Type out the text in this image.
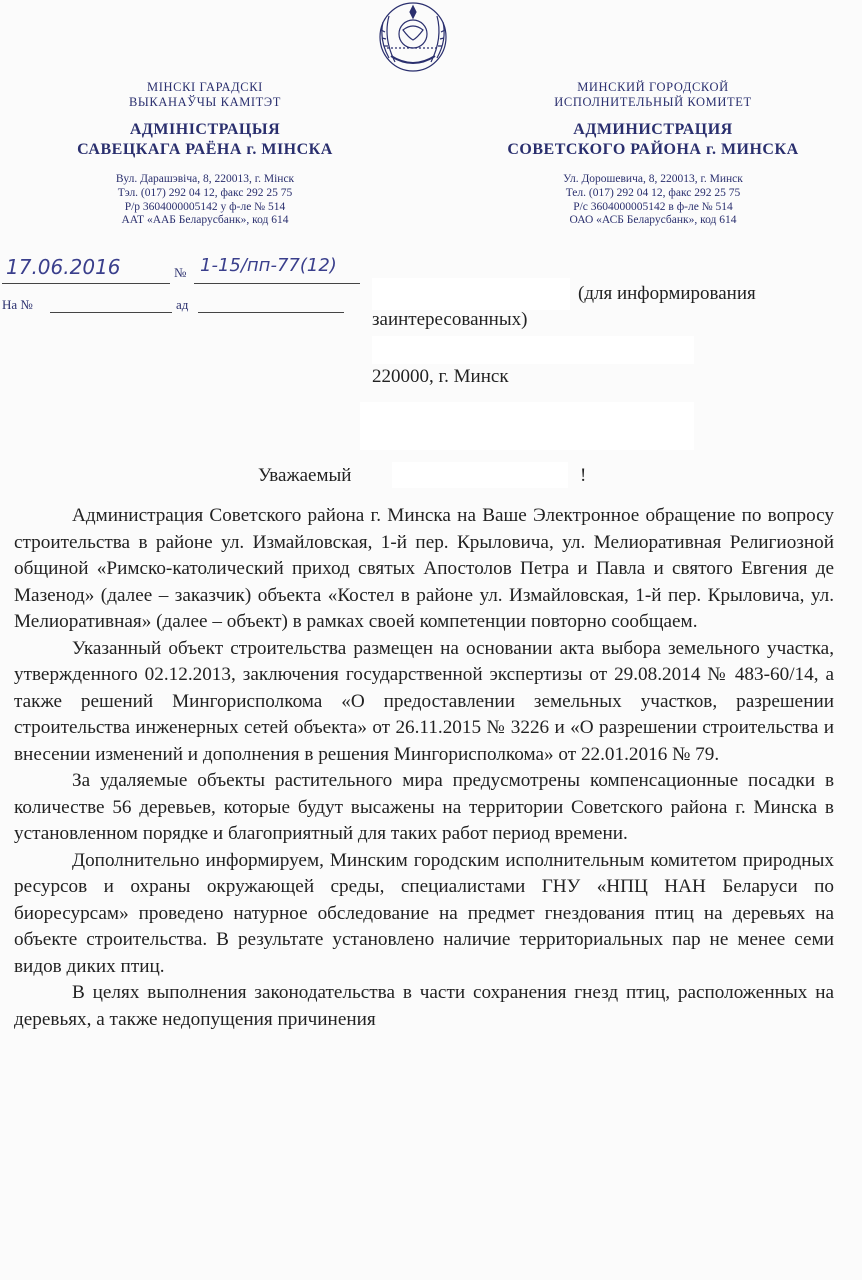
МІНСКІ ГАРАДСКІ
ВЫКАНАЎЧЫ КАМІТЭТ
АДМІНІСТРАЦЫЯ
САВЕЦКАГА РАЁНА г. МІНСКА
Вул. Дарашэвіча, 8, 220013, г. Мінск
Тэл. (017) 292 04 12, факс 292 25 75
Р/р 3604000005142 у ф-ле № 514
ААТ «ААБ Беларусбанк», код 614
МИНСКИЙ ГОРОДСКОЙ
ИСПОЛНИТЕЛЬНЫЙ КОМИТЕТ
АДМИНИСТРАЦИЯ
СОВЕТСКОГО РАЙОНА г. МИНСКА
Ул. Дорошевича, 8, 220013, г. Минск
Тел. (017) 292 04 12, факс 292 25 75
Р/с 3604000005142 в ф-ле № 514
ОАО «АСБ Беларусбанк», код 614
17.06.2016	№ 1-15/пп-77(12)
На №	ад
(для информирования
заинтересованных)
220000, г. Минск
Уважаемый	!

Администрация Советского района г. Минска на Ваше Электронное обращение по вопросу строительства в районе ул. Измайловская, 1-й пер. Крыловича, ул. Мелиоративная Религиозной общиной «Римско-католический приход святых Апостолов Петра и Павла и святого Евгения де Мазенод» (далее – заказчик) объекта «Костел в районе ул. Измайловская, 1-й пер. Крыловича, ул. Мелиоративная» (далее – объект) в рамках своей компетенции повторно сообщаем.

Указанный объект строительства размещен на основании акта выбора земельного участка, утвержденного 02.12.2013, заключения государственной экспертизы от 29.08.2014 № 483-60/14, а также решений Мингорисполкома «О предоставлении земельных участков, разрешении строительства инженерных сетей объекта» от 26.11.2015 № 3226 и «О разрешении строительства и внесении изменений и дополнения в решения Мингорисполкома» от 22.01.2016 № 79.

За удаляемые объекты растительного мира предусмотрены компенсационные посадки в количестве 56 деревьев, которые будут высажены на территории Советского района г. Минска в установленном порядке и благоприятный для таких работ период времени.

Дополнительно информируем, Минским городским исполнительным комитетом природных ресурсов и охраны окружающей среды, специалистами ГНУ «НПЦ НАН Беларуси по биоресурсам» проведено натурное обследование на предмет гнездования птиц на деревьях на объекте строительства. В результате установлено наличие территориальных пар не менее семи видов диких птиц.

В целях выполнения законодательства в части сохранения гнезд птиц, расположенных на деревьях, а также недопущения причинения
